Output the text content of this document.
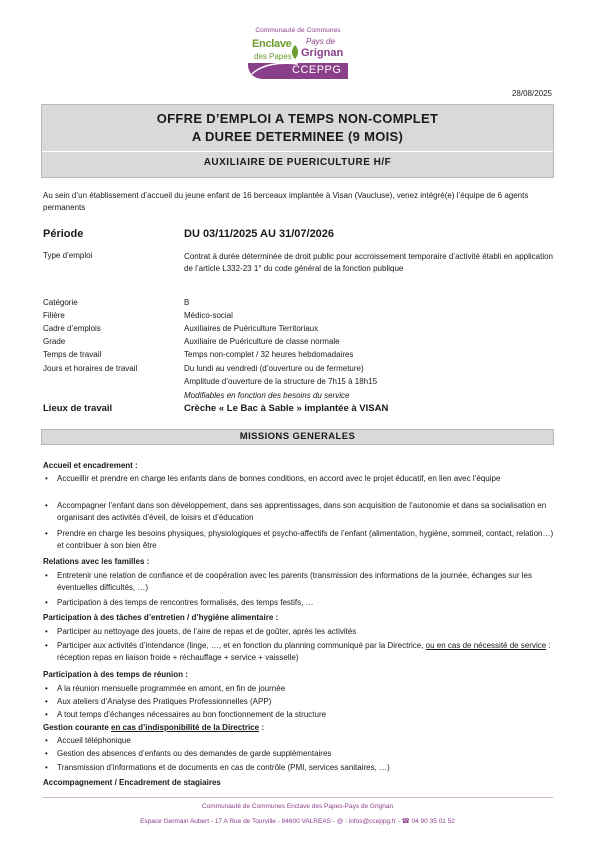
Communauté de Communes
Enclave
des Papes
Pays de
Grignan
CCEPPG
28/08/2025
OFFRE D’EMPLOI A TEMPS NON-COMPLET
A DUREE DETERMINEE (9 MOIS)
AUXILIAIRE DE PUERICULTURE H/F
Au sein d’un établissement d’accueil du jeune enfant de 16 berceaux implantée à Visan (Vaucluse), venez intégré(e) l’équipe de 6 agents permanents
Période	DU 03/11/2025 AU 31/07/2026
Type d’emploi	Contrat à durée déterminée de droit public pour accroissement temporaire d’activité établi en application de l’article L332-23 1° du code général de la fonction publique
Catégorie	B
Filière	Médico-social
Cadre d’emplois	Auxiliaires de Puériculture Territoriaux
Grade	Auxiliaire de Puériculture de classe normale
Temps de travail	Temps non-complet / 32 heures hebdomadaires
Jours et horaires de travail	Du lundi au vendredi (d’ouverture ou de fermeture)
Amplitude d’ouverture de la structure de 7h15 à 18h15
Modifiables en fonction des besoins du service
Lieux de travail	Crèche « Le Bac à Sable » implantée à VISAN
MISSIONS GENERALES
Accueil et encadrement :
• Accueillir et prendre en charge les enfants dans de bonnes conditions, en accord avec le projet éducatif, en lien avec l’équipe
• Accompagner l’enfant dans son développement, dans ses apprentissages, dans son acquisition de l’autonomie et dans sa socialisation en organisant des activités d’éveil, de loisirs et d’éducation
• Prendre en charge les besoins physiques, physiologiques et psycho-affectifs de l’enfant (alimentation, hygiène, sommeil, contact, relation…) et contribuer à son bien être
Relations avec les familles :
• Entretenir une relation de confiance et de coopération avec les parents (transmission des informations de la journée, échanges sur les éventuelles difficultés, …)
• Participation à des temps de rencontres formalisés, des temps festifs, …
Participation à des tâches d’entretien / d’hygiène alimentaire :
• Participer au nettoyage des jouets, de l’aire de repas et de goûter, après les activités
• Participer aux activités d’intendance (linge, …, et en fonction du planning communiqué par la Directrice, ou en cas de nécessité de service : réception repas en liaison froide + réchauffage + service + vaisselle)
Participation à des temps de réunion :
• A la réunion mensuelle programmée en amont, en fin de journée
• Aux ateliers d’Analyse des Pratiques Professionnelles (APP)
• A tout temps d’échanges nécessaires au bon fonctionnement de la structure
Gestion courante en cas d’indisponibilité de la Directrice :
• Accueil téléphonique
• Gestion des absences d’enfants ou des demandes de garde supplémentaires
• Transmission d’informations et de documents en cas de contrôle (PMI, services sanitaires, …)
Accompagnement / Encadrement de stagiaires
Communauté de Communes Enclave des Papes-Pays de Grignan
Espace Germain Aubert - 17 A Rue de Tourville - 84600 VALREAS - @ : infos@cceppg.fr - ☎ 04 90 35 01 52
